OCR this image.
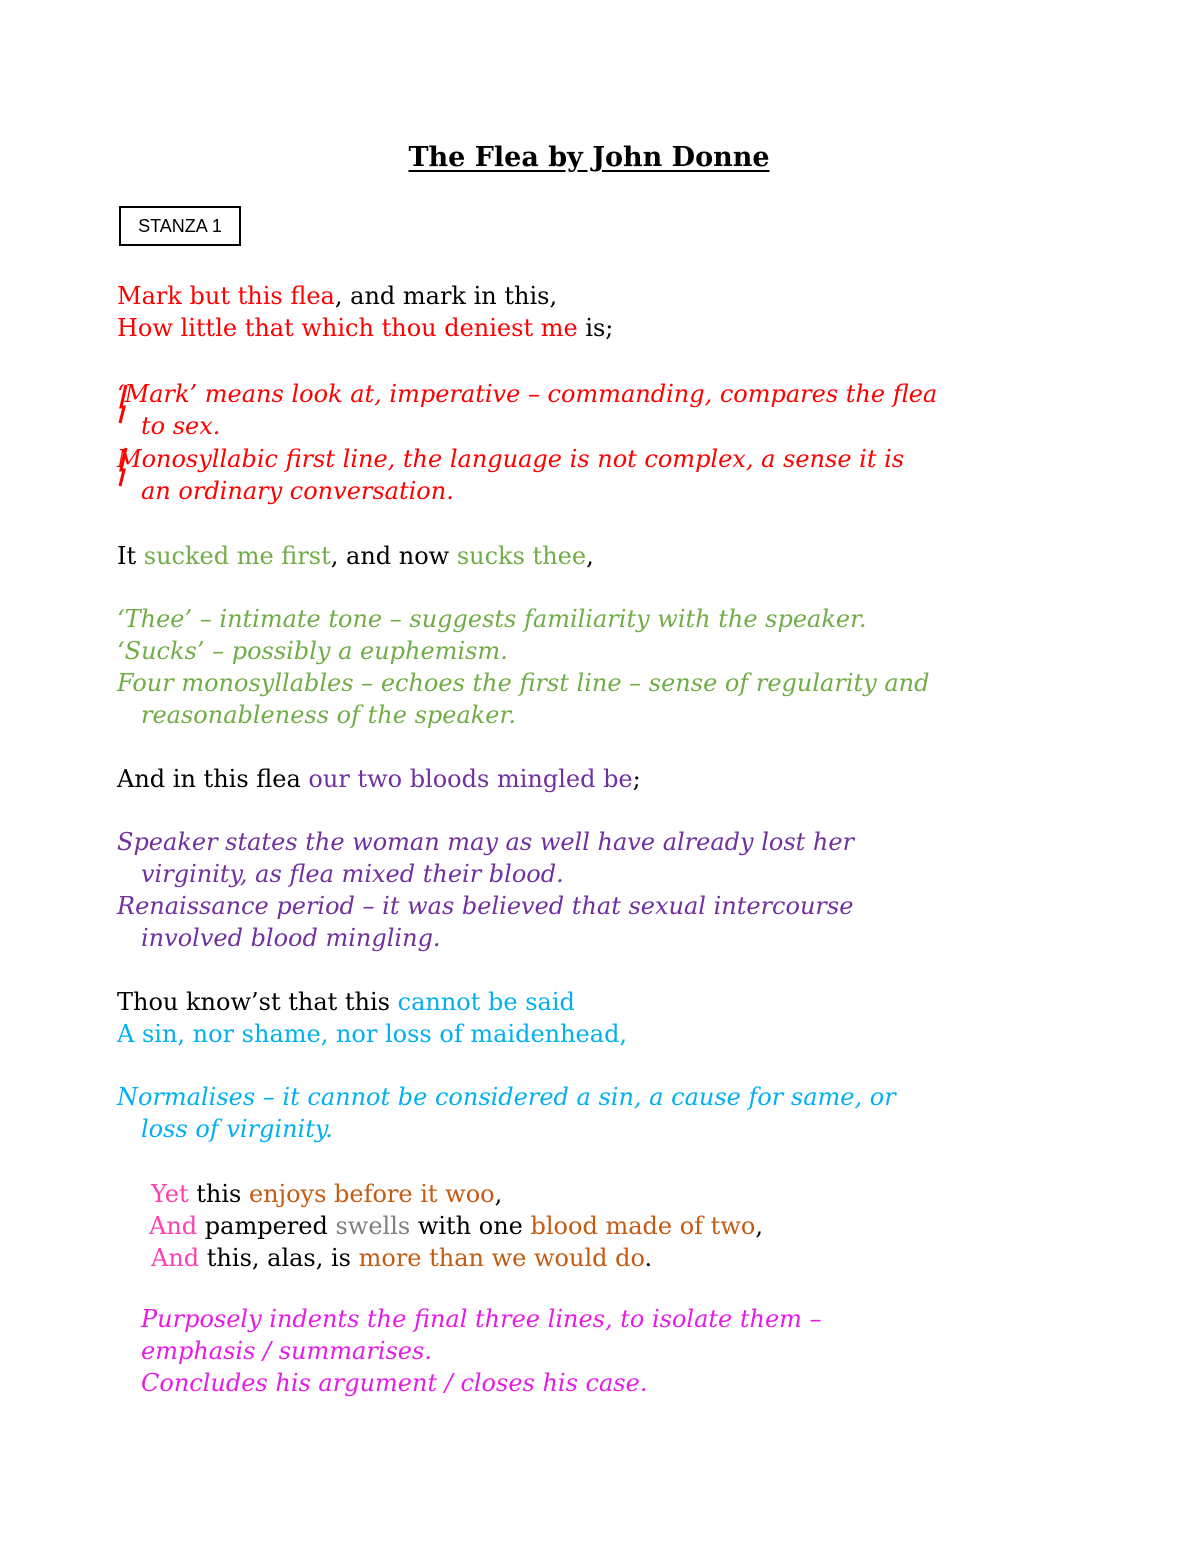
The Flea by John Donne
STANZA 1

Mark but this flea, and mark in this,

How little that which thou deniest me is;

‘Mark’ means look at, imperative – commanding, compares the flea

to sex.

Monosyllabic first line, the language is not complex, a sense it is

an ordinary conversation.

It sucked me first, and now sucks thee,

‘Thee’ – intimate tone – suggests familiarity with the speaker.

‘Sucks’ – possibly a euphemism.

Four monosyllables – echoes the first line – sense of regularity and

reasonableness of the speaker.

And in this flea our two bloods mingled be;

Speaker states the woman may as well have already lost her

virginity, as flea mixed their blood.

Renaissance period – it was believed that sexual intercourse

involved blood mingling.

Thou know’st that this cannot be said

A sin, nor shame, nor loss of maidenhead,

Normalises – it cannot be considered a sin, a cause for same, or

loss of virginity.

Yet this enjoys before it woo,

And pampered swells with one blood made of two,

And this, alas, is more than we would do.

Purposely indents the final three lines, to isolate them –

emphasis / summarises.

Concludes his argument / closes his case.
